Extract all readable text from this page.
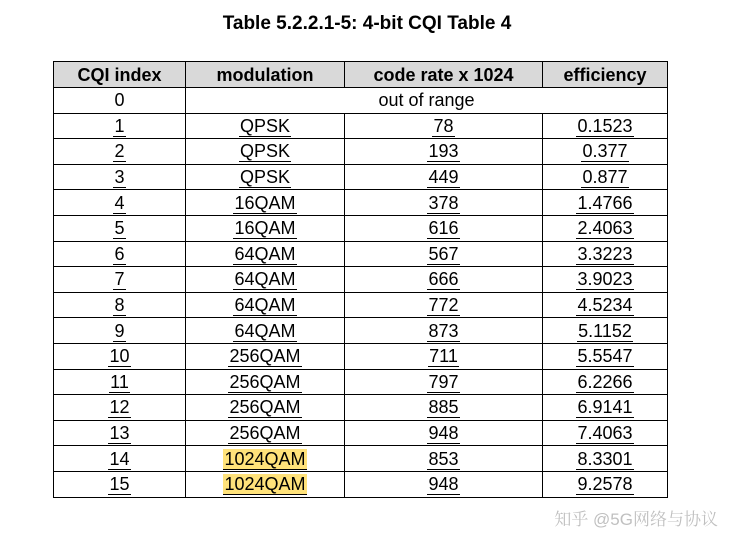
Table 5.2.2.1-5: 4-bit CQI Table 4
CQI index	modulation	code rate x 1024	efficiency
0	out of range		
1	QPSK	78	0.1523
2	QPSK	193	0.377
3	QPSK	449	0.877
4	16QAM	378	1.4766
5	16QAM	616	2.4063
6	64QAM	567	3.3223
7	64QAM	666	3.9023
8	64QAM	772	4.5234
9	64QAM	873	5.1152
10	256QAM	711	5.5547
11	256QAM	797	6.2266
12	256QAM	885	6.9141
13	256QAM	948	7.4063
14	1024QAM	853	8.3301
15	1024QAM	948	9.2578
知乎 @5G网络与协议
